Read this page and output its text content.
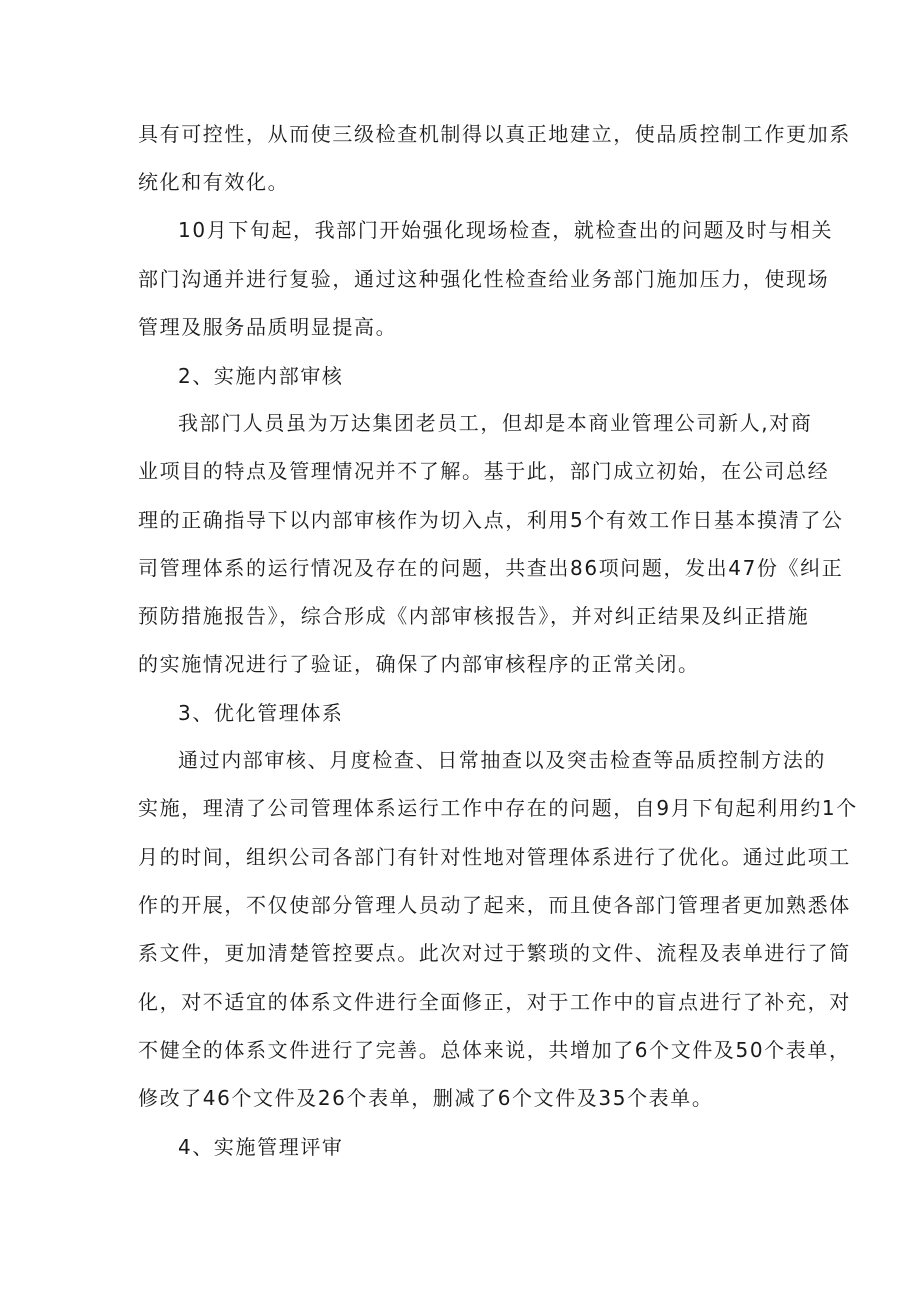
具有可控性，从而使三级检查机制得以真正地建立，使品质控制工作更加系

统化和有效化。

10月下旬起，我部门开始强化现场检查，就检查出的问题及时与相关

部门沟通并进行复验，通过这种强化性检查给业务部门施加压力，使现场

管理及服务品质明显提高。

2、实施内部审核

我部门人员虽为万达集团老员工，但却是本商业管理公司新人,对商

业项目的特点及管理情况并不了解。基于此，部门成立初始，在公司总经

理的正确指导下以内部审核作为切入点，利用5个有效工作日基本摸清了公

司管理体系的运行情况及存在的问题，共查出86项问题，发出47份《纠正

预防措施报告》，综合形成《内部审核报告》，并对纠正结果及纠正措施

的实施情况进行了验证，确保了内部审核程序的正常关闭。

3、优化管理体系

通过内部审核、月度检查、日常抽查以及突击检查等品质控制方法的

实施，理清了公司管理体系运行工作中存在的问题，自9月下旬起利用约1个

月的时间，组织公司各部门有针对性地对管理体系进行了优化。通过此项工

作的开展，不仅使部分管理人员动了起来，而且使各部门管理者更加熟悉体

系文件，更加清楚管控要点。此次对过于繁琐的文件、流程及表单进行了简

化，对不适宜的体系文件进行全面修正，对于工作中的盲点进行了补充，对

不健全的体系文件进行了完善。总体来说，共增加了6个文件及50个表单，

修改了46个文件及26个表单，删减了6个文件及35个表单。

4、实施管理评审
